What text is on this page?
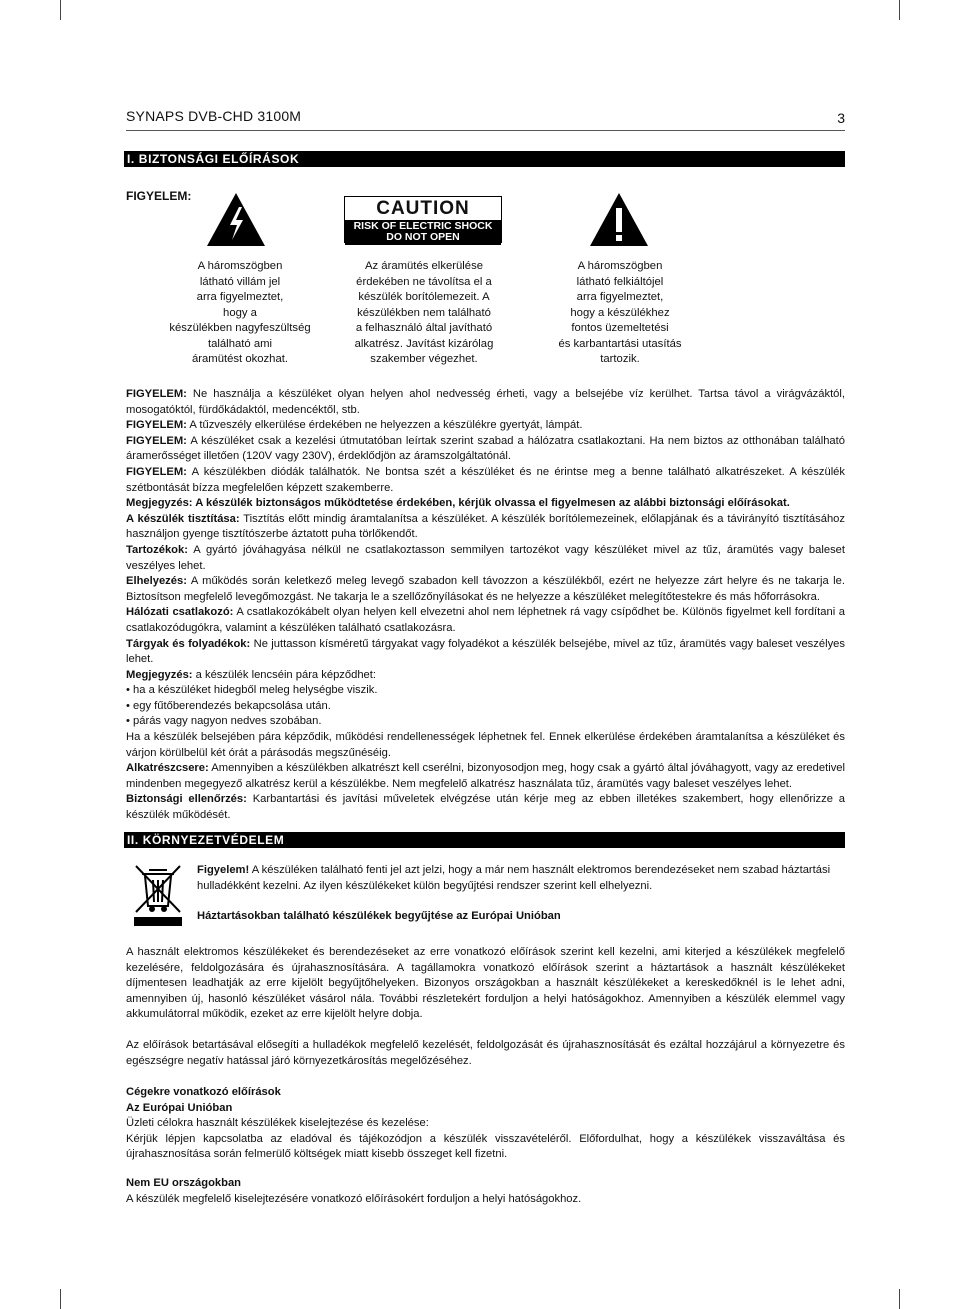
SYNAPS DVB-CHD 3100M	3
I. BIZTONSÁGI ELŐÍRÁSOK
FIGYELEM:
CAUTION
RISK OF ELECTRIC SHOCK
DO NOT OPEN
A háromszögben
látható villám jel
arra figyelmeztet,
hogy a
készülékben nagyfeszültség
található ami
áramütést okozhat.
Az áramütés elkerülése
érdekében ne távolítsa el a
készülék borítólemezeit. A
készülékben nem található
a felhasználó által javítható
alkatrész. Javítást kizárólag
szakember végezhet.
A háromszögben
látható felkiáltójel
arra figyelmeztet,
hogy a készülékhez
fontos üzemeltetési
és karbantartási utasítás
tartozik.

FIGYELEM: Ne használja a készüléket olyan helyen ahol nedvesség érheti, vagy a belsejébe víz kerülhet. Tartsa távol a virágvázáktól, mosogatóktól, fürdőkádaktól, medencéktől, stb.

FIGYELEM: A tűzveszély elkerülése érdekében ne helyezzen a készülékre gyertyát, lámpát.

FIGYELEM: A készüléket csak a kezelési útmutatóban leírtak szerint szabad a hálózatra csatlakoztani. Ha nem biztos az otthonában található áramerősséget illetően (120V vagy 230V), érdeklődjön az áramszolgáltatónál.

FIGYELEM: A készülékben diódák találhatók. Ne bontsa szét a készüléket és ne érintse meg a benne található alkatrészeket. A készülék szétbontását bízza megfelelően képzett szakemberre.

Megjegyzés: A készülék biztonságos működtetése érdekében, kérjük olvassa el figyelmesen az alábbi biztonsági előírásokat.

A készülék tisztítása: Tisztítás előtt mindig áramtalanítsa a készüléket. A készülék borítólemezeinek, előlapjának és a távirányító tisztításához használjon gyenge tisztítószerbe áztatott puha törlőkendőt.

Tartozékok: A gyártó jóváhagyása nélkül ne csatlakoztasson semmilyen tartozékot vagy készüléket mivel az tűz, áramütés vagy baleset veszélyes lehet.

Elhelyezés: A működés során keletkező meleg levegő szabadon kell távozzon a készülékből, ezért ne helyezze zárt helyre és ne takarja le. Biztosítson megfelelő levegőmozgást. Ne takarja le a szellőzőnyílásokat és ne helyezze a készüléket melegítőtestekre és más hőforrásokra.

Hálózati csatlakozó: A csatlakozókábelt olyan helyen kell elvezetni ahol nem léphetnek rá vagy csípődhet be. Különös figyelmet kell fordítani a csatlakozódugókra, valamint a készüléken található csatlakozásra.

Tárgyak és folyadékok: Ne juttasson kísméretű tárgyakat vagy folyadékot a készülék belsejébe, mivel az tűz, áramütés vagy baleset veszélyes lehet.

Megjegyzés: a készülék lencséin pára képződhet:

• ha a készüléket hidegből meleg helységbe viszik.

• egy fűtőberendezés bekapcsolása után.

• párás vagy nagyon nedves szobában.

Ha a készülék belsejében pára képződik, működési rendellenességek léphetnek fel. Ennek elkerülése érdekében áramtalanítsa a készüléket és várjon körülbelül két órát a párásodás megszűnéséig.

Alkatrészcsere: Amennyiben a készülékben alkatrészt kell cserélni, bizonyosodjon meg, hogy csak a gyártó által jóváhagyott, vagy az eredetivel mindenben megegyező alkatrész kerül a készülékbe. Nem megfelelő alkatrész használata tűz, áramütés vagy baleset veszélyes lehet.

Biztonsági ellenőrzés: Karbantartási és javítási műveletek elvégzése után kérje meg az ebben illetékes szakembert, hogy ellenőrizze a készülék működését.

II. KÖRNYEZETVÉDELEM
Figyelem! A készüléken található fenti jel azt jelzi, hogy a már nem használt elektromos berendezéseket nem szabad háztartási hulladékként kezelni. Az ilyen készülékeket külön begyűjtési rendszer szerint kell elhelyezni.
Háztartásokban található készülékek begyűjtése az Európai Unióban
A használt elektromos készülékeket és berendezéseket az erre vonatkozó előírások szerint kell kezelni, ami kiterjed a készülékek megfelelő kezelésére, feldolgozására és újrahasznosítására. A tagállamokra vonatkozó előírások szerint a háztartások a használt készülékeket díjmentesen leadhatják az erre kijelölt begyűjtőhelyeken. Bizonyos országokban a használt készülékeket a kereskedőknél is le lehet adni, amennyiben új, hasonló készüléket vásárol nála. További részletekért forduljon a helyi hatóságokhoz. Amennyiben a készülék elemmel vagy akkumulátorral működik, ezeket az erre kijelölt helyre dobja.
Az előírások betartásával elősegíti a hulladékok megfelelő kezelését, feldolgozását és újrahasznosítását és ezáltal hozzájárul a környezetre és egészségre negatív hatással járó környezetkárosítás megelőzéséhez.

Cégekre vonatkozó előírások

Az Európai Unióban

Üzleti célokra használt készülékek kiselejtezése és kezelése:

Kérjük lépjen kapcsolatba az eladóval és tájékozódjon a készülék visszavételéről. Előfordulhat, hogy a készülékek visszaváltása és újrahasznosítása során felmerülő költségek miatt kisebb összeget kell fizetni.

Nem EU országokban

A készülék megfelelő kiselejtezésére vonatkozó előírásokért forduljon a helyi hatóságokhoz.
